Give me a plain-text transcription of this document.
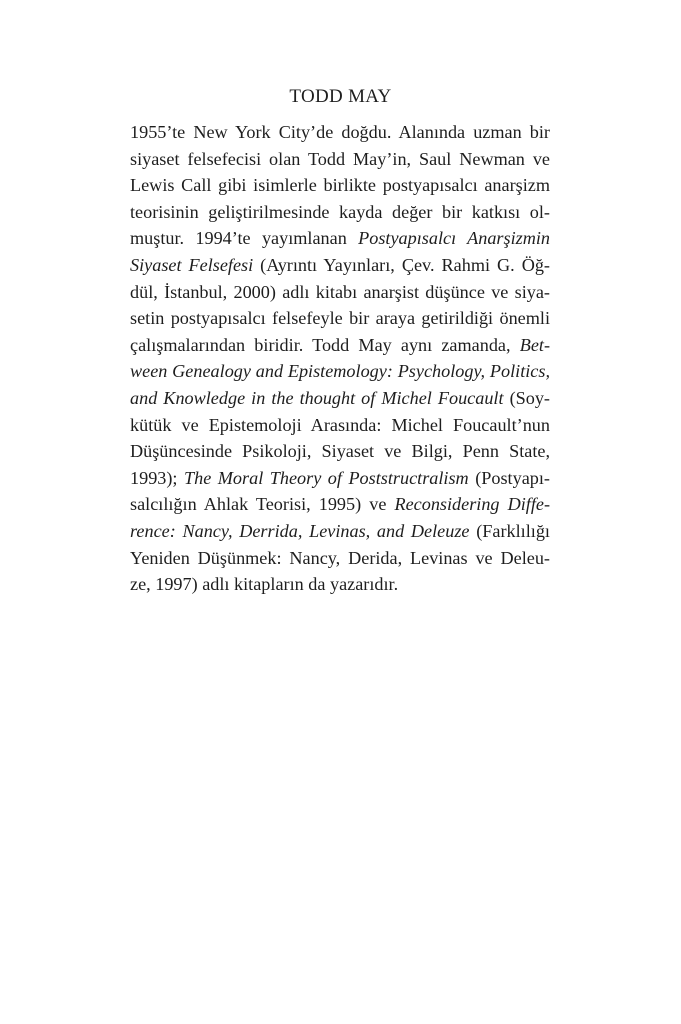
TODD MAY
1955’te New York City’de doğdu. Alanında uzman bir
siyaset felsefecisi olan Todd May’in, Saul Newman ve
Lewis Call gibi isimlerle birlikte postyapısalcı anarşizm
teorisinin geliştirilmesinde kayda değer bir katkısı ol-
muştur. 1994’te yayımlanan Postyapısalcı Anarşizmin
Siyaset Felsefesi (Ayrıntı Yayınları, Çev. Rahmi G. Öğ-
dül, İstanbul, 2000) adlı kitabı anarşist düşünce ve siya-
setin postyapısalcı felsefeyle bir araya getirildiği önemli
çalışmalarından biridir. Todd May aynı zamanda, Bet-
ween Genealogy and Epistemology: Psychology, Politics,
and Knowledge in the thought of Michel Foucault (Soy-
kütük ve Epistemoloji Arasında: Michel Foucault’nun
Düşüncesinde Psikoloji, Siyaset ve Bilgi, Penn State,
1993); The Moral Theory of Poststructralism (Postyapı-
salcılığın Ahlak Teorisi, 1995) ve Reconsidering Diffe-
rence: Nancy, Derrida, Levinas, and Deleuze (Farklılığı
Yeniden Düşünmek: Nancy, Derida, Levinas ve Deleu-
ze, 1997) adlı kitapların da yazarıdır.
